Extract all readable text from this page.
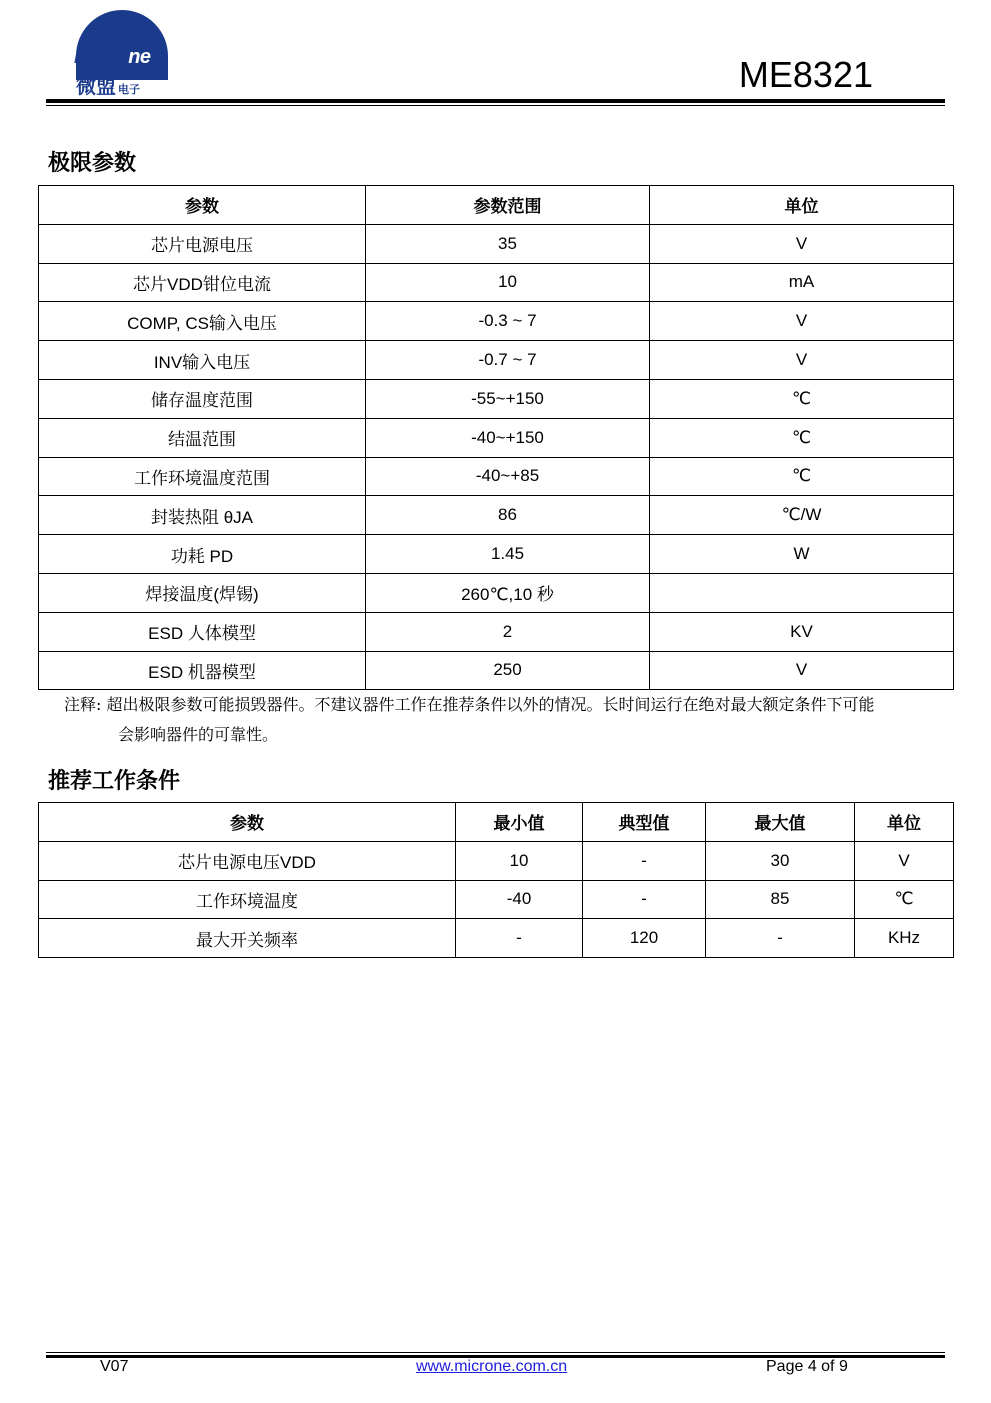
MicrOne
微盟 电子	ME8321
极限参数
参数	参数范围	单位
芯片电源电压	35	V
芯片VDD钳位电流	10	mA
COMP, CS输入电压	-0.3 ~ 7	V
INV输入电压	-0.7 ~ 7	V
储存温度范围	-55~+150	℃
结温范围	-40~+150	℃
工作环境温度范围	-40~+85	℃
封装热阻 θJA	86	℃/W
功耗 PD	1.45	W
焊接温度(焊锡)	260℃,10 秒	
ESD 人体模型	2	KV
ESD 机器模型	250	V
注释: 超出极限参数可能损毁器件。不建议器件工作在推荐条件以外的情况。长时间运行在绝对最大额定条件下可能
会影响器件的可靠性。
推荐工作条件
参数	最小值	典型值	最大值	单位
芯片电源电压VDD	10	-	30	V
工作环境温度	-40	-	85	℃
最大开关频率	-	120	-	KHz
V07	www.microne.com.cn	Page 4 of 9
